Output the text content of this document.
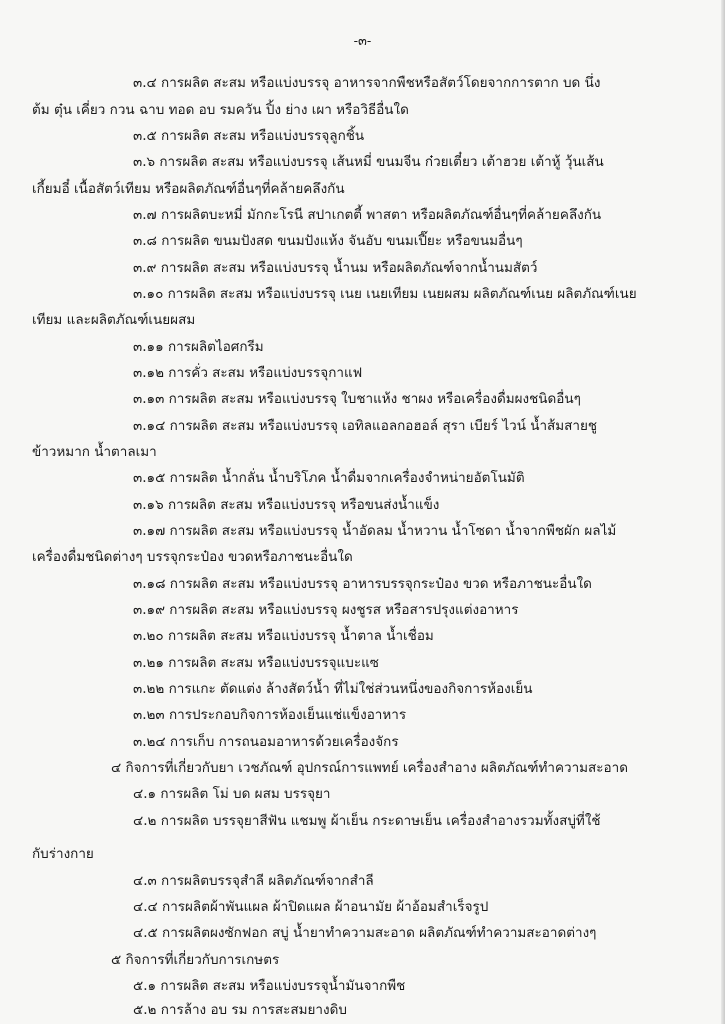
-๓-
๓.๔ การผลิต สะสม หรือแบ่งบรรจุ อาหารจากพืชหรือสัตว์โดยจากการตาก บด นึ่ง
ต้ม ตุ๋น เคี่ยว กวน ฉาบ ทอด อบ รมควัน ปิ้ง ย่าง เผา หรือวิธีอื่นใด
๓.๕ การผลิต สะสม หรือแบ่งบรรจุลูกชิ้น
๓.๖ การผลิต สะสม หรือแบ่งบรรจุ เส้นหมี่ ขนมจีน ก๋วยเตี๋ยว เต้าฮวย เต้าหู้ วุ้นเส้น
เกี้ยมอี๋ เนื้อสัตว์เทียม หรือผลิตภัณฑ์อื่นๆที่คล้ายคลึงกัน
๓.๗ การผลิตบะหมี่ มักกะโรนี สปาเกตตี้ พาสตา หรือผลิตภัณฑ์อื่นๆที่คล้ายคลึงกัน
๓.๘ การผลิต ขนมปังสด ขนมปังแห้ง จันอับ ขนมเปี๊ยะ หรือขนมอื่นๆ
๓.๙ การผลิต สะสม หรือแบ่งบรรจุ น้ำนม หรือผลิตภัณฑ์จากน้ำนมสัตว์
๓.๑๐ การผลิต สะสม หรือแบ่งบรรจุ เนย เนยเทียม เนยผสม ผลิตภัณฑ์เนย ผลิตภัณฑ์เนย
เทียม และผลิตภัณฑ์เนยผสม
๓.๑๑ การผลิตไอศกรีม
๓.๑๒ การคั่ว สะสม หรือแบ่งบรรจุกาแฟ
๓.๑๓ การผลิต สะสม หรือแบ่งบรรจุ ใบชาแห้ง ชาผง หรือเครื่องดื่มผงชนิดอื่นๆ
๓.๑๔ การผลิต สะสม หรือแบ่งบรรจุ เอทิลแอลกอฮอล์ สุรา เบียร์ ไวน์ น้ำส้มสายชู
ข้าวหมาก น้ำตาลเมา
๓.๑๕ การผลิต น้ำกลั่น น้ำบริโภค น้ำดื่มจากเครื่องจำหน่ายอัตโนมัติ
๓.๑๖ การผลิต สะสม หรือแบ่งบรรจุ หรือขนส่งน้ำแข็ง
๓.๑๗ การผลิต สะสม หรือแบ่งบรรจุ น้ำอัดลม น้ำหวาน น้ำโซดา น้ำจากพืชผัก ผลไม้
เครื่องดื่มชนิดต่างๆ บรรจุกระป๋อง ขวดหรือภาชนะอื่นใด
๓.๑๘ การผลิต สะสม หรือแบ่งบรรจุ อาหารบรรจุกระป๋อง ขวด หรือภาชนะอื่นใด
๓.๑๙ การผลิต สะสม หรือแบ่งบรรจุ ผงชูรส หรือสารปรุงแต่งอาหาร
๓.๒๐ การผลิต สะสม หรือแบ่งบรรจุ น้ำตาล น้ำเชื่อม
๓.๒๑ การผลิต สะสม หรือแบ่งบรรจุแบะแซ
๓.๒๒ การแกะ ตัดแต่ง ล้างสัตว์น้ำ ที่ไม่ใช่ส่วนหนึ่งของกิจการห้องเย็น
๓.๒๓ การประกอบกิจการห้องเย็นแช่แข็งอาหาร
๓.๒๔ การเก็บ การถนอมอาหารด้วยเครื่องจักร
๔ กิจการที่เกี่ยวกับยา เวชภัณฑ์ อุปกรณ์การแพทย์ เครื่องสำอาง ผลิตภัณฑ์ทำความสะอาด
๔.๑ การผลิต โม่ บด ผสม บรรจุยา
๔.๒ การผลิต บรรจุยาสีฟัน แชมพู ผ้าเย็น กระดาษเย็น เครื่องสำอางรวมทั้งสบู่ที่ใช้
กับร่างกาย
๔.๓ การผลิตบรรจุสำลี ผลิตภัณฑ์จากสำลี
๔.๔ การผลิตผ้าพันแผล ผ้าปิดแผล ผ้าอนามัย ผ้าอ้อมสำเร็จรูป
๔.๕ การผลิตผงซักฟอก สบู่ น้ำยาทำความสะอาด ผลิตภัณฑ์ทำความสะอาดต่างๆ
๕ กิจการที่เกี่ยวกับการเกษตร
๕.๑ การผลิต สะสม หรือแบ่งบรรจุน้ำมันจากพืช
๕.๒ การล้าง อบ รม การสะสมยางดิบ
